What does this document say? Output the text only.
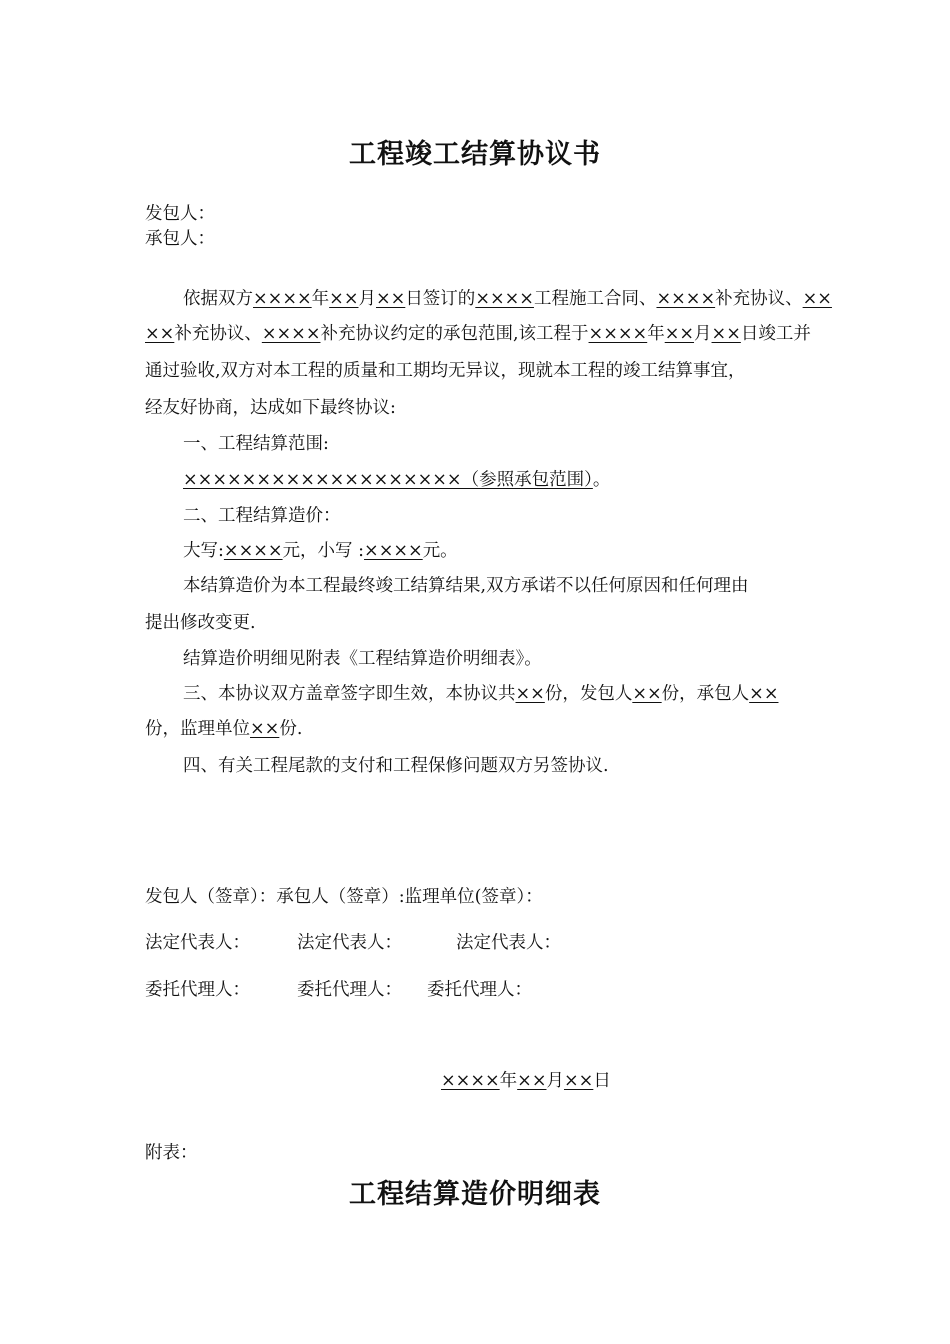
工程竣工结算协议书
发包人：
承包人：
依据双方××××年××月××日签订的××××工程施工合同、××××补充协议、××
××补充协议、××××补充协议约定的承包范围,该工程于××××年××月××日竣工并
通过验收,双方对本工程的质量和工期均无异议，现就本工程的竣工结算事宜，
经友好协商，达成如下最终协议:
一、工程结算范围:
×××××××××××××××××××（参照承包范围）。
二、工程结算造价：
大写:××××元，小写 :××××元。
本结算造价为本工程最终竣工结算结果,双方承诺不以任何原因和任何理由
提出修改变更.
结算造价明细见附表《工程结算造价明细表》。
三、本协议双方盖章签字即生效，本协议共××份，发包人××份，承包人××
份，监理单位××份.
四、有关工程尾款的支付和工程保修问题双方另签协议.
发包人（签章）：承包人（签章）:监理单位(签章）：
法定代表人：	法定代表人：	法定代表人：
委托代理人：	委托代理人： 委托代理人：
××××年××月××日
附表：
工程结算造价明细表
